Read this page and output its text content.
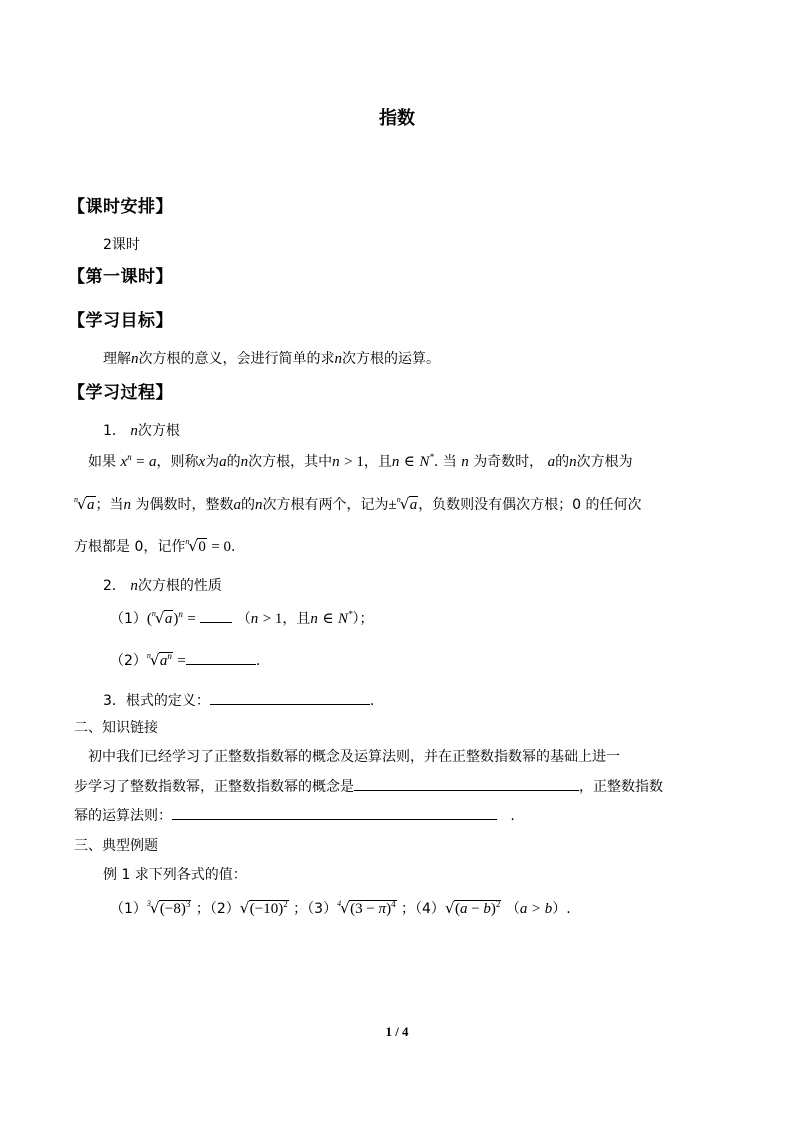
指数
【课时安排】
2课时
【第一课时】
【学习目标】
理解n次方根的意义，会进行简单的求n次方根的运算。
【学习过程】
1． n次方根
如果 $x^n = a$，则称x为a的n次方根，其中n > 1，且n ∈ N*. 当 n 为奇数时， a的n次方根为
$^n$√ a；当n 为偶数时，整数a的n次方根有两个，记为±$^n$√ a，负数则没有偶次方根；0 的任何次
方根都是 0，记作$^n$√ 0 = 0.
2． n次方根的性质
（1）($^n$√ a)$^n$ =	（n > 1，且n ∈ N*）；
$(2)^n√$ $a^n$ =	.
3．根式的定义：	.
二、知识链接
初中我们已经学习了正整数指数幂的概念及运算法则，并在正整数指数幂的基础上进一
步学习了整数指数幂，正整数指数幂的概念是	，正整数指数
幂的运算法则：	.
三、典型例题
例 1 求下列各式的值：
$(1)^3√$ $(-8)^3$ ；（2）√ $(-10)^2$ ；$(3)^4√$ $(3 - \pi)^4$ ；（4）√ $(a - b)^2$ （a > b）.
1 / 4
